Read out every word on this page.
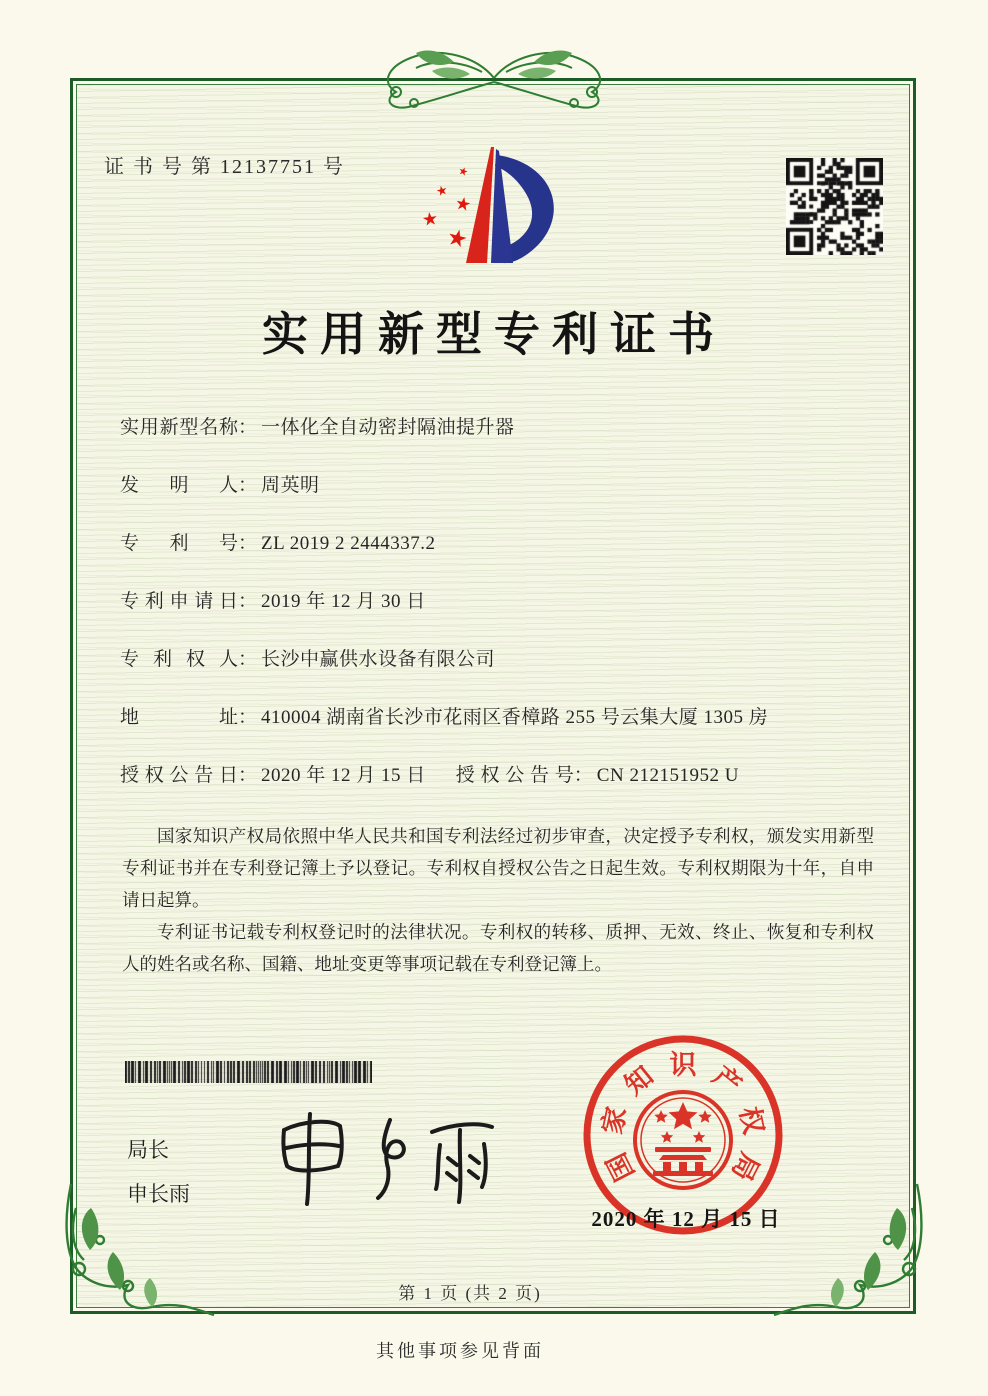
证 书 号 第 12137751 号	★
★
★
★
★
实用新型专利证书
实用新型名称： 一体化全自动密封隔油提升器
发明人： 周英明
专利号： ZL 2019 2 2444337.2
专利申请日： 2019 年 12 月 30 日
专利权人： 长沙中赢供水设备有限公司
地址： 410004 湖南省长沙市花雨区香樟路 255 号云集大厦 1305 房
授权公告日： 2020 年 12 月 15 日 授权公告号： CN 212151952 U

国家知识产权局依照中华人民共和国专利法经过初步审查，决定授予专利权，颁发实用新型专利证书并在专利登记簿上予以登记。专利权自授权公告之日起生效。专利权期限为十年，自申请日起算。

专利证书记载专利权登记时的法律状况。专利权的转移、质押、无效、终止、恢复和专利权人的姓名或名称、国籍、地址变更等事项记载在专利登记簿上。

局长
申长雨
国
家
知 识 产
权
局
2020 年 12 月 15 日
第 1 页 (共 2 页)
其他事项参见背面
